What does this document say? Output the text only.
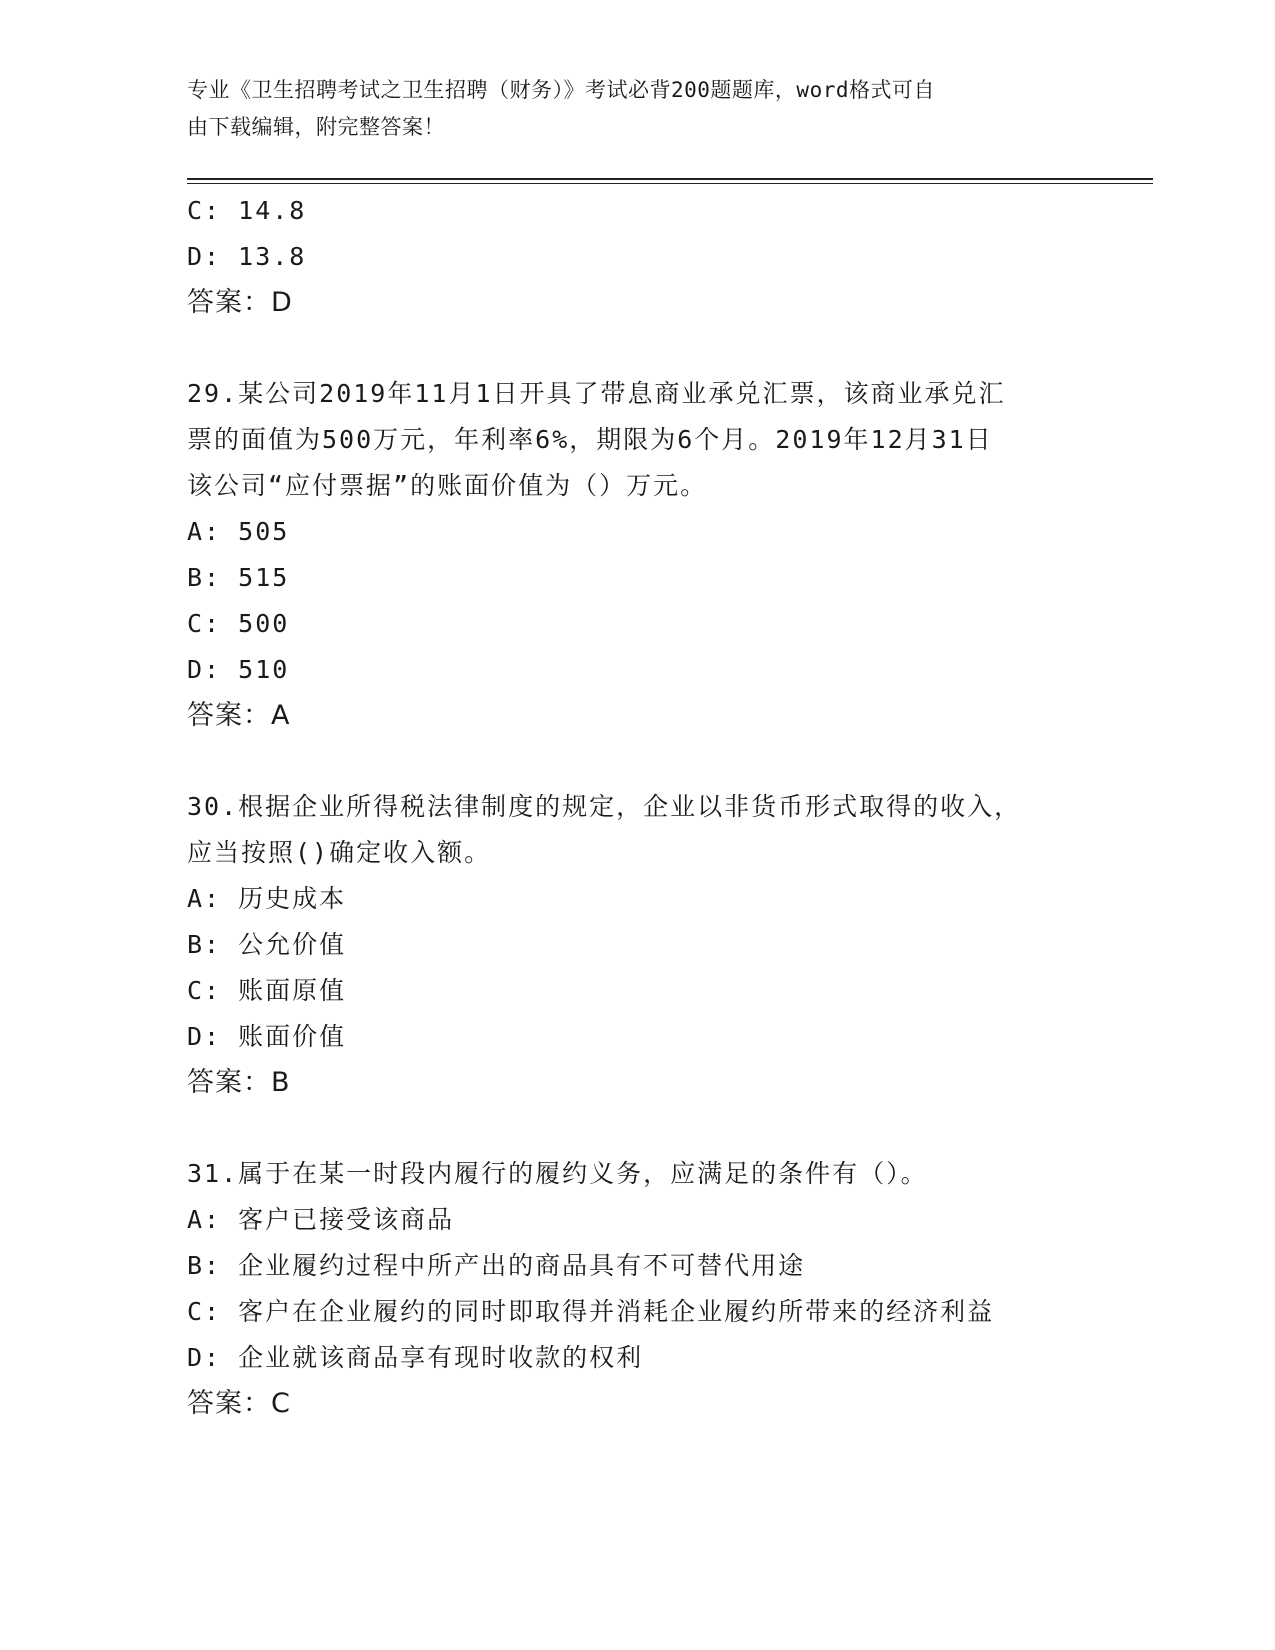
专业《卫生招聘考试之卫生招聘（财务）》考试必背200题题库，word格式可自
由下载编辑，附完整答案！
C: 14.8
D: 13.8
答案：D
29.某公司2019年11月1日开具了带息商业承兑汇票，该商业承兑汇
票的面值为500万元，年利率6%，期限为6个月。2019年12月31日
该公司“应付票据”的账面价值为（）万元。
A: 505
B: 515
C: 500
D: 510
答案：A
30.根据企业所得税法律制度的规定，企业以非货币形式取得的收入，
应当按照()确定收入额。
A: 历史成本
B: 公允价值
C: 账面原值
D: 账面价值
答案：B
31.属于在某一时段内履行的履约义务，应满足的条件有（）。
A: 客户已接受该商品
B: 企业履约过程中所产出的商品具有不可替代用途
C: 客户在企业履约的同时即取得并消耗企业履约所带来的经济利益
D: 企业就该商品享有现时收款的权利
答案：C
